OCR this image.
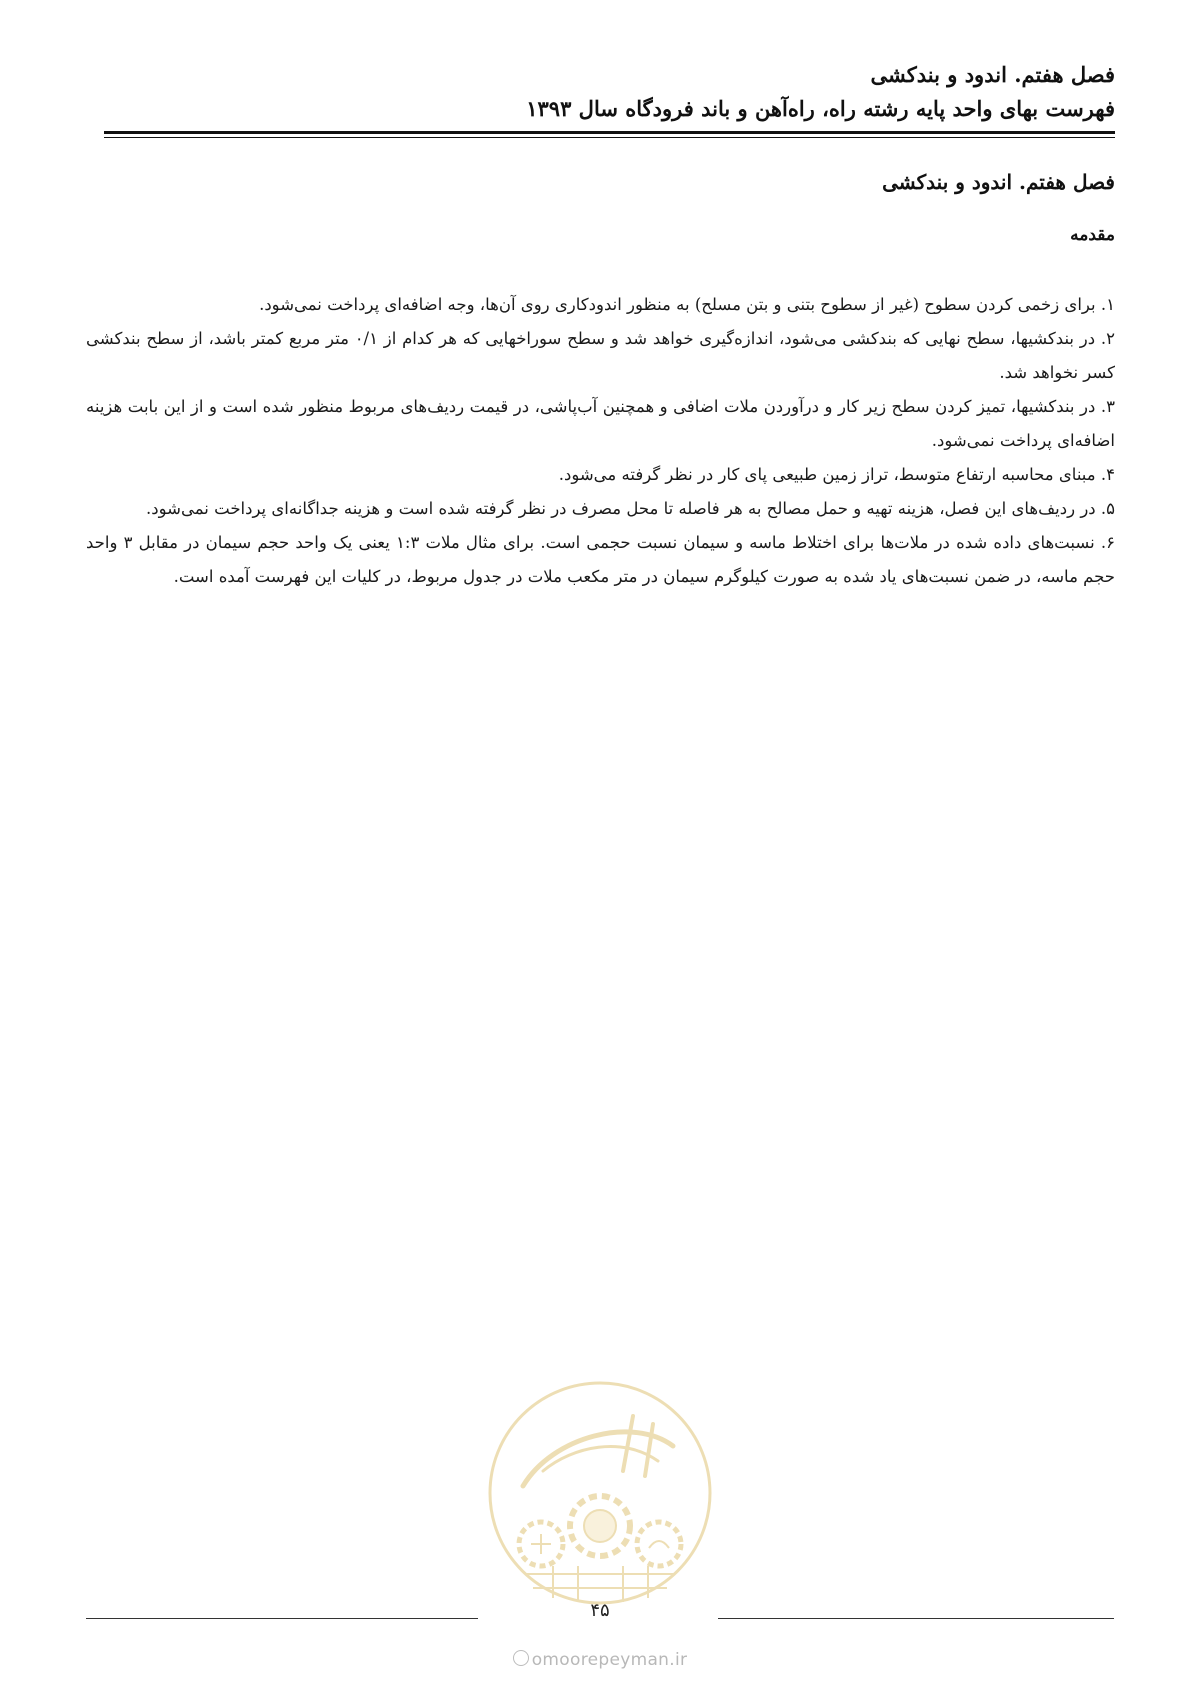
فصل هفتم. اندود و بندکشی
فهرست بهای واحد پایه رشته راه، راه‌آهن و باند فرودگاه سال ۱۳۹۳
فصل هفتم. اندود و بندکشی
مقدمه

۱. برای زخمی کردن سطوح (غیر از سطوح بتنی و بتن مسلح) به منظور اندودکاری روی آن‌ها، وجه اضافه‌ای پرداخت نمی‌شود.

۲. در بندکشیها، سطح نهایی که بندکشی می‌شود، اندازه‌گیری خواهد شد و سطح سوراخهایی که هر کدام از ۰/۱ متر مربع کمتر باشد، از سطح بندکشی کسر نخواهد شد.

۳. در بندکشیها، تمیز کردن سطح زیر کار و درآوردن ملات اضافی و همچنین آب‌پاشی، در قیمت ردیف‌های مربوط منظور شده است و از این بابت هزینه اضافه‌ای پرداخت نمی‌شود.

۴. مبنای محاسبه ارتفاع متوسط، تراز زمین طبیعی پای کار در نظر گرفته می‌شود.

۵. در ردیف‌های این فصل، هزینه تهیه و حمل مصالح به هر فاصله تا محل مصرف در نظر گرفته شده است و هزینه جداگانه‌ای پرداخت نمی‌شود.

۶. نسبت‌های داده شده در ملات‌ها برای اختلاط ماسه و سیمان نسبت حجمی است. برای مثال ملات ۱:۳ یعنی یک واحد حجم سیمان در مقابل ۳ واحد حجم ماسه، در ضمن نسبت‌های یاد شده به صورت کیلوگرم سیمان در متر مکعب ملات در جدول مربوط، در کلیات این فهرست آمده است.

۴۵
omoorepeyman.ir
